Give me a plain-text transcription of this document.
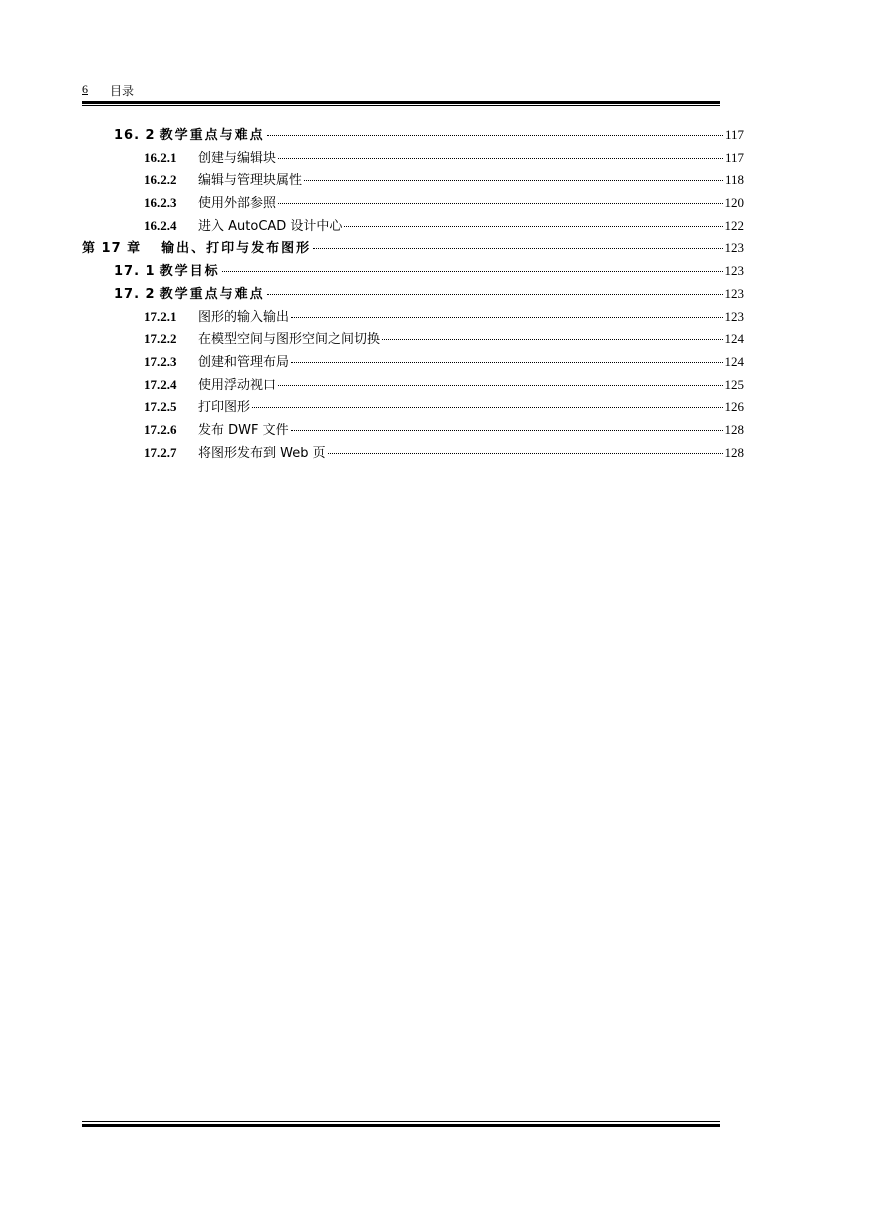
6 目录
16. 2 教学重点与难点	117
16.2.1	创建与编辑块	117
16.2.2	编辑与管理块属性	118
16.2.3	使用外部参照	120
16.2.4	进入 AutoCAD 设计中心	122
第 17 章 输出、打印与发布图形	123
17. 1 教学目标	123
17. 2 教学重点与难点	123
17.2.1	图形的输入输出	123
17.2.2	在模型空间与图形空间之间切换	124
17.2.3	创建和管理布局	124
17.2.4	使用浮动视口	125
17.2.5	打印图形	126
17.2.6	发布 DWF 文件	128
17.2.7	将图形发布到 Web 页	128
